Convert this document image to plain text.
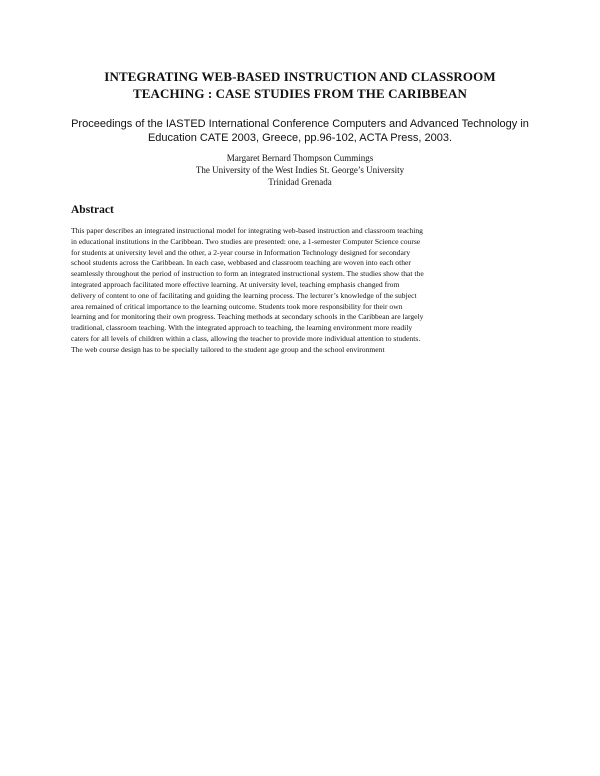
INTEGRATING WEB-BASED INSTRUCTION AND CLASSROOM
TEACHING : CASE STUDIES FROM THE CARIBBEAN
Proceedings of the IASTED International Conference Computers and Advanced Technology in
Education CATE 2003, Greece, pp.96-102, ACTA Press, 2003.
Margaret Bernard Thompson Cummings
The University of the West Indies St. George’s University
Trinidad Grenada
Abstract
This paper describes an integrated instructional model for integrating web-based instruction and classroom teaching
in educational institutions in the Caribbean. Two studies are presented: one, a 1-semester Computer Science course
for students at university level and the other, a 2-year course in Information Technology designed for secondary
school students across the Caribbean. In each case, webbased and classroom teaching are woven into each other
seamlessly throughout the period of instruction to form an integrated instructional system. The studies show that the
integrated approach facilitated more effective learning. At university level, teaching emphasis changed from
delivery of content to one of facilitating and guiding the learning process. The lecturer’s knowledge of the subject
area remained of critical importance to the learning outcome. Students took more responsibility for their own
learning and for monitoring their own progress. Teaching methods at secondary schools in the Caribbean are largely
traditional, classroom teaching. With the integrated approach to teaching, the learning environment more readily
caters for all levels of children within a class, allowing the teacher to provide more individual attention to students.
The web course design has to be specially tailored to the student age group and the school environment
